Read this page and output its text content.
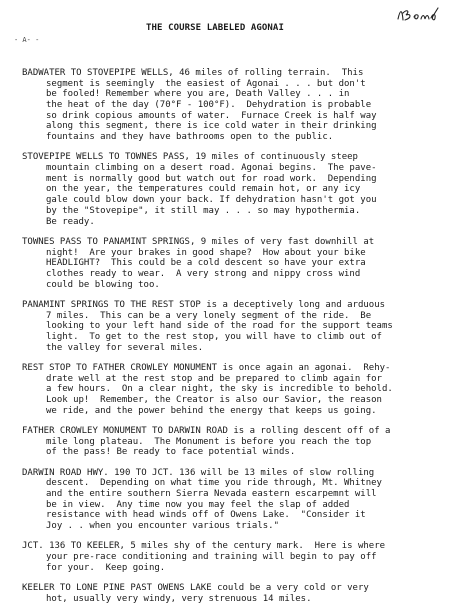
- A- -
THE COURSE LABELED AGONAI
BADWATER TO STOVEPIPE WELLS, 46 miles of rolling terrain.  This
segment is seemingly  the easiest of Agonai . . . but don't
be fooled! Remember where you are, Death Valley . . . in
the heat of the day (70°F - 100°F).  Dehydration is probable
so drink copious amounts of water.  Furnace Creek is half way
along this segment, there is ice cold water in their drinking
fountains and they have bathrooms open to the public.
STOVEPIPE WELLS TO TOWNES PASS, 19 miles of continuously steep
mountain climbing on a desert road. Agonai begins.  The pave-
ment is normally good but watch out for road work.  Depending
on the year, the temperatures could remain hot, or any icy
gale could blow down your back. If dehydration hasn't got you
by the "Stovepipe", it still may . . . so may hypothermia.
Be ready.
TOWNES PASS TO PANAMINT SPRINGS, 9 miles of very fast downhill at
night!  Are your brakes in good shape?  How about your bike
HEADLIGHT?  This could be a cold descent so have your extra
clothes ready to wear.  A very strong and nippy cross wind
could be blowing too.
PANAMINT SPRINGS TO THE REST STOP is a deceptively long and arduous
7 miles.  This can be a very lonely segment of the ride.  Be
looking to your left hand side of the road for the support teams
light.  To get to the rest stop, you will have to climb out of
the valley for several miles.
REST STOP TO FATHER CROWLEY MONUMENT is once again an agonai.  Rehy-
drate well at the rest stop and be prepared to climb again for
a few hours.  On a clear night, the sky is incredible to behold.
Look up!  Remember, the Creator is also our Savior, the reason
we ride, and the power behind the energy that keeps us going.
FATHER CROWLEY MONUMENT TO DARWIN ROAD is a rolling descent off of a
mile long plateau.  The Monument is before you reach the top
of the pass! Be ready to face potential winds.
DARWIN ROAD HWY. 190 TO JCT. 136 will be 13 miles of slow rolling
descent.  Depending on what time you ride through, Mt. Whitney
and the entire southern Sierra Nevada eastern escarpemnt will
be in view.  Any time now you may feel the slap of added
resistance with head winds off of Owens Lake.  "Consider it
Joy . . when you encounter various trials."
JCT. 136 TO KEELER, 5 miles shy of the century mark.  Here is where
your pre-race conditioning and training will begin to pay off
for your.  Keep going.
KEELER TO LONE PINE PAST OWENS LAKE could be a very cold or very
hot, usually very windy, very strenuous 14 miles.
